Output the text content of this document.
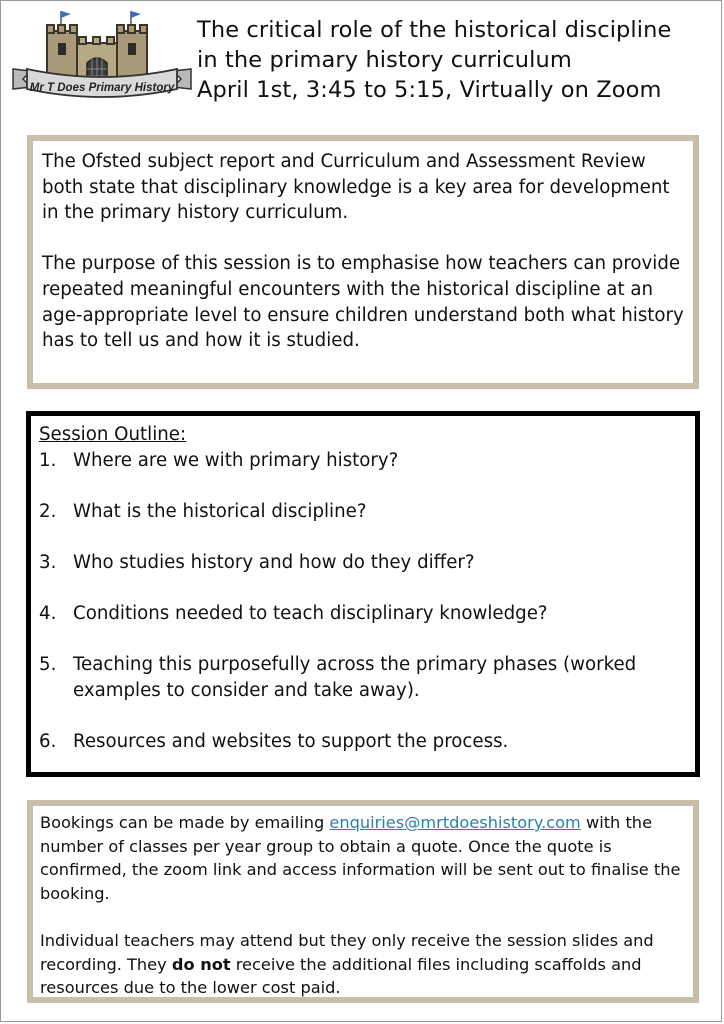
Mr T Does Primary History
The critical role of the historical discipline
in the primary history curriculum
April 1st, 3:45 to 5:15, Virtually on Zoom

The Ofsted subject report and Curriculum and Assessment Review both state that disciplinary knowledge is a key area for development in the primary history curriculum.

The purpose of this session is to emphasise how teachers can provide repeated meaningful encounters with the historical discipline at an age-appropriate level to ensure children understand both what history has to tell us and how it is studied.

Session Outline:
1. Where are we with primary history?
2. What is the historical discipline?
3. Who studies history and how do they differ?
4. Conditions needed to teach disciplinary knowledge?
5. Teaching this purposefully across the primary phases (worked examples to consider and take away).
6. Resources and websites to support the process.

Bookings can be made by emailing enquiries@mrtdoeshistory.com with the number of classes per year group to obtain a quote. Once the quote is confirmed, the zoom link and access information will be sent out to finalise the booking.

Individual teachers may attend but they only receive the session slides and recording. They do not receive the additional files including scaffolds and resources due to the lower cost paid.
